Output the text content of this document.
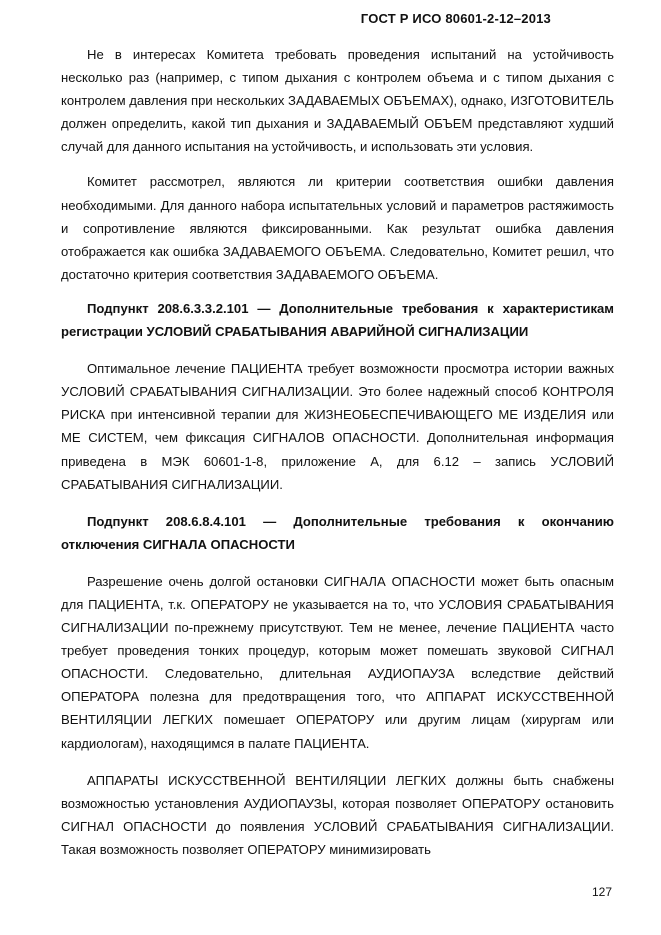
ГОСТ Р ИСО 80601-2-12–2013

Не в интересах Комитета требовать проведения испытаний на устойчивость несколько раз (например, с типом дыхания с контролем объема и с типом дыхания с контролем давления при нескольких ЗАДАВАЕМЫХ ОБЪЕМАХ), однако, ИЗГОТОВИТЕЛЬ должен определить, какой тип дыхания и ЗАДАВАЕМЫЙ ОБЪЕМ представляют худший случай для данного испытания на устойчивость, и использовать эти условия.

Комитет рассмотрел, являются ли критерии соответствия ошибки давления необходимыми. Для данного набора испытательных условий и параметров растяжимость и сопротивление являются фиксированными. Как результат ошибка давления отображается как ошибка ЗАДАВАЕМОГО ОБЪЕМА. Следовательно, Комитет решил, что достаточно критерия соответствия ЗАДАВАЕМОГО ОБЪЕМА.

Подпункт 208.6.3.3.2.101 — Дополнительные требования к характеристикам регистрации УСЛОВИЙ СРАБАТЫВАНИЯ АВАРИЙНОЙ СИГНАЛИЗАЦИИ

Оптимальное лечение ПАЦИЕНТА требует возможности просмотра истории важных УСЛОВИЙ СРАБАТЫВАНИЯ СИГНАЛИЗАЦИИ. Это более надежный способ КОНТРОЛЯ РИСКА при интенсивной терапии для ЖИЗНЕОБЕСПЕЧИВАЮЩЕГО МЕ ИЗДЕЛИЯ или МЕ СИСТЕМ, чем фиксация СИГНАЛОВ ОПАСНОСТИ. Дополнительная информация приведена в МЭК 60601-1-8, приложение А, для 6.12 – запись УСЛОВИЙ СРАБАТЫВАНИЯ СИГНАЛИЗАЦИИ.

Подпункт 208.6.8.4.101 — Дополнительные требования к окончанию отключения СИГНАЛА ОПАСНОСТИ

Разрешение очень долгой остановки СИГНАЛА ОПАСНОСТИ может быть опасным для ПАЦИЕНТА, т.к. ОПЕРАТОРУ не указывается на то, что УСЛОВИЯ СРАБАТЫВАНИЯ СИГНАЛИЗАЦИИ по-прежнему присутствуют. Тем не менее, лечение ПАЦИЕНТА часто требует проведения тонких процедур, которым может помешать звуковой СИГНАЛ ОПАСНОСТИ. Следовательно, длительная АУДИОПАУЗА вследствие действий ОПЕРАТОРА полезна для предотвращения того, что АППАРАТ ИСКУССТВЕННОЙ ВЕНТИЛЯЦИИ ЛЕГКИХ помешает ОПЕРАТОРУ или другим лицам (хирургам или кардиологам), находящимся в палате ПАЦИЕНТА.

АППАРАТЫ ИСКУССТВЕННОЙ ВЕНТИЛЯЦИИ ЛЕГКИХ должны быть снабжены возможностью установления АУДИОПАУЗЫ, которая позволяет ОПЕРАТОРУ остановить СИГНАЛ ОПАСНОСТИ до появления УСЛОВИЙ СРАБАТЫВАНИЯ СИГНАЛИЗАЦИИ. Такая возможность позволяет ОПЕРАТОРУ минимизировать

127
